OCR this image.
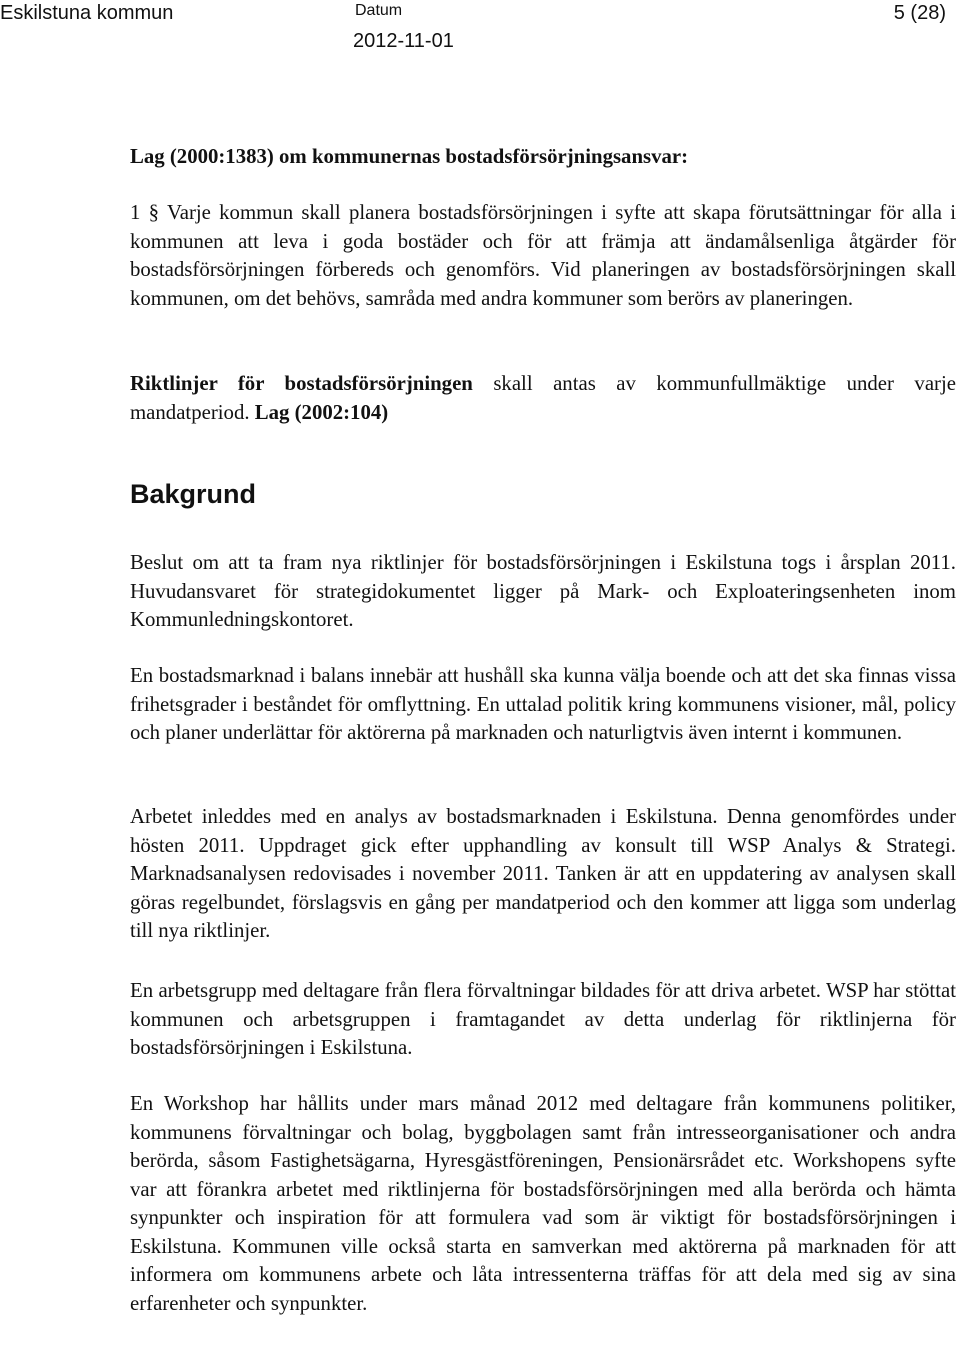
Eskilstuna kommun	Datum
2012-11-01
5 (28)

Lag (2000:1383) om kommunernas bostadsförsörjningsansvar:

1 § Varje kommun skall planera bostadsförsörjningen i syfte att skapa förutsättningar för alla i kommunen att leva i goda bostäder och för att främja att ändamålsenliga åtgärder för bostadsförsörjningen förbereds och genomförs. Vid planeringen av bostadsförsörjningen skall kommunen, om det behövs, samråda med andra kommuner som berörs av planeringen.

Riktlinjer för bostadsförsörjningen skall antas av kommunfullmäktige under varje mandatperiod. Lag (2002:104)

Bakgrund

Beslut om att ta fram nya riktlinjer för bostadsförsörjningen i Eskilstuna togs i årsplan 2011. Huvudansvaret för strategidokumentet ligger på Mark- och Exploateringsenheten inom Kommunledningskontoret.

En bostadsmarknad i balans innebär att hushåll ska kunna välja boende och att det ska finnas vissa frihetsgrader i beståndet för omflyttning. En uttalad politik kring kommunens visioner, mål, policy och planer underlättar för aktörerna på marknaden och naturligtvis även internt i kommunen.

Arbetet inleddes med en analys av bostadsmarknaden i Eskilstuna. Denna genomfördes under hösten 2011. Uppdraget gick efter upphandling av konsult till WSP Analys & Strategi. Marknadsanalysen redovisades i november 2011. Tanken är att en uppdatering av analysen skall göras regelbundet, förslagsvis en gång per mandatperiod och den kommer att ligga som underlag till nya riktlinjer.

En arbetsgrupp med deltagare från flera förvaltningar bildades för att driva arbetet. WSP har stöttat kommunen och arbetsgruppen i framtagandet av detta underlag för riktlinjerna för bostadsförsörjningen i Eskilstuna.

En Workshop har hållits under mars månad 2012 med deltagare från kommunens politiker, kommunens förvaltningar och bolag, byggbolagen samt från intresseorganisationer och andra berörda, såsom Fastighetsägarna, Hyresgästföreningen, Pensionärsrådet etc. Workshopens syfte var att förankra arbetet med riktlinjerna för bostadsförsörjningen med alla berörda och hämta synpunkter och inspiration för att formulera vad som är viktigt för bostadsförsörjningen i Eskilstuna. Kommunen ville också starta en samverkan med aktörerna på marknaden för att informera om kommunens arbete och låta intressenterna träffas för att dela med sig av sina erfarenheter och synpunkter.
